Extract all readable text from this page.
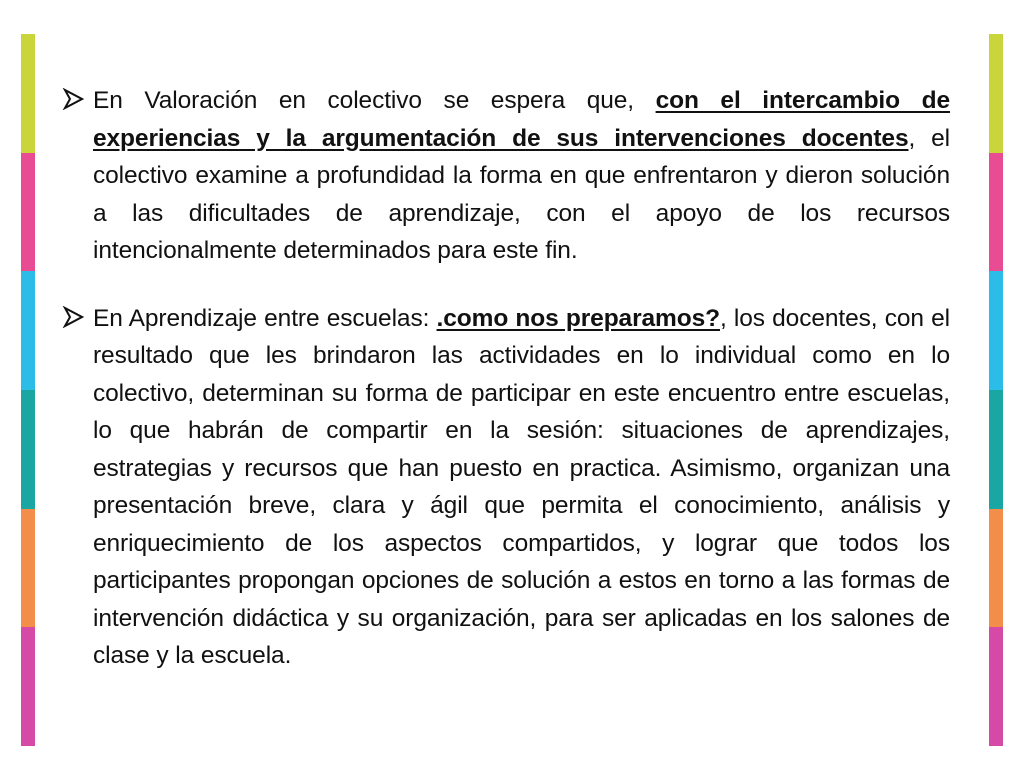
En Valoración en colectivo se espera que, con el intercambio de experiencias y la argumentación de sus intervenciones docentes, el colectivo examine a profundidad la forma en que enfrentaron y dieron solución a las dificultades de aprendizaje, con el apoyo de los recursos intencionalmente determinados para este fin.

En Aprendizaje entre escuelas: .como nos preparamos?, los docentes, con el resultado que les brindaron las actividades en lo individual como en lo colectivo, determinan su forma de participar en este encuentro entre escuelas, lo que habrán de compartir en la sesión: situaciones de aprendizajes, estrategias y recursos que han puesto en practica. Asimismo, organizan una presentación breve, clara y ágil que permita el conocimiento, análisis y enriquecimiento de los aspectos compartidos, y lograr que todos los participantes propongan opciones de solución a estos en torno a las formas de intervención didáctica y su organización, para ser aplicadas en los salones de clase y la escuela.
